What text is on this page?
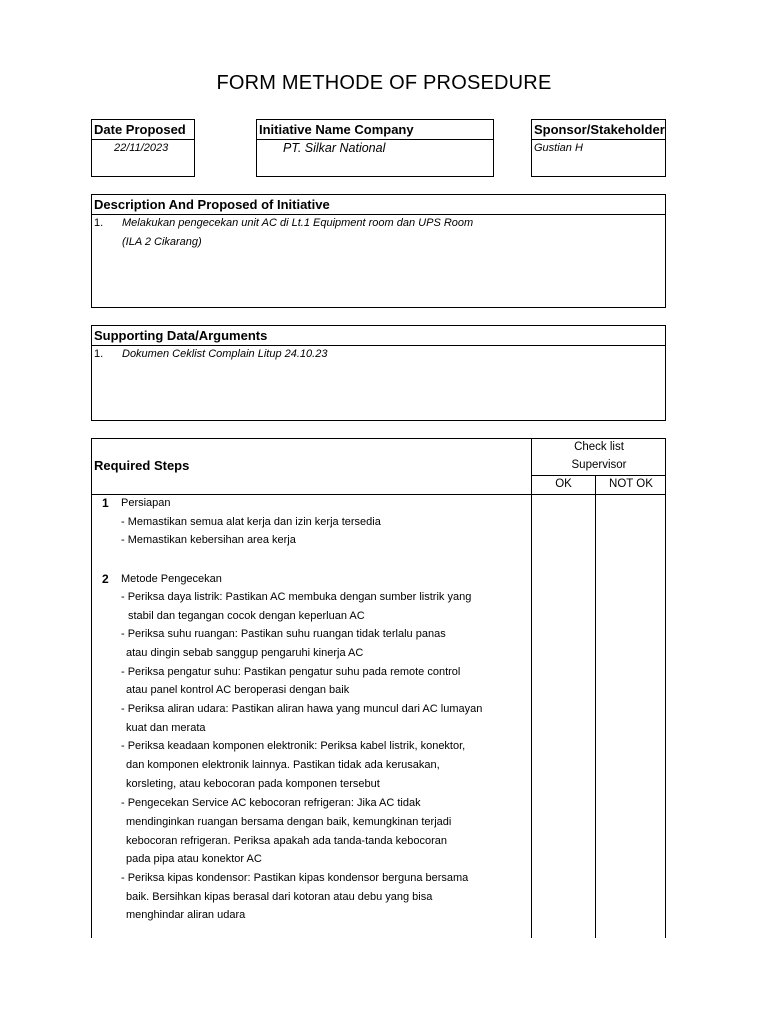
FORM METHODE OF PROSEDURE
Date Proposed
22/11/2023
Initiative Name Company
PT. Silkar National
Sponsor/Stakeholder
Gustian H
Description And Proposed of Initiative
1. Melakukan pengecekan unit AC di Lt.1 Equipment room dan UPS Room
(ILA 2 Cikarang)
Supporting Data/Arguments
1. Dokumen Ceklist Complain Litup 24.10.23
Required Steps
Check list
Supervisor
OK	NOT OK
1 Persiapan
- Memastikan semua alat kerja dan izin kerja tersedia
- Memastikan kebersihan area kerja
2 Metode Pengecekan
- Periksa daya listrik: Pastikan AC membuka dengan sumber listrik yang
stabil dan tegangan cocok dengan keperluan AC
- Periksa suhu ruangan: Pastikan suhu ruangan tidak terlalu panas
atau dingin sebab sanggup pengaruhi kinerja AC
- Periksa pengatur suhu: Pastikan pengatur suhu pada remote control
atau panel kontrol AC beroperasi dengan baik
- Periksa aliran udara: Pastikan aliran hawa yang muncul dari AC lumayan
kuat dan merata
- Periksa keadaan komponen elektronik: Periksa kabel listrik, konektor,
dan komponen elektronik lainnya. Pastikan tidak ada kerusakan,
korsleting, atau kebocoran pada komponen tersebut
- Pengecekan Service AC kebocoran refrigeran: Jika AC tidak
mendinginkan ruangan bersama dengan baik, kemungkinan terjadi
kebocoran refrigeran. Periksa apakah ada tanda-tanda kebocoran
pada pipa atau konektor AC
- Periksa kipas kondensor: Pastikan kipas kondensor berguna bersama
baik. Bersihkan kipas berasal dari kotoran atau debu yang bisa
menghindar aliran udara
